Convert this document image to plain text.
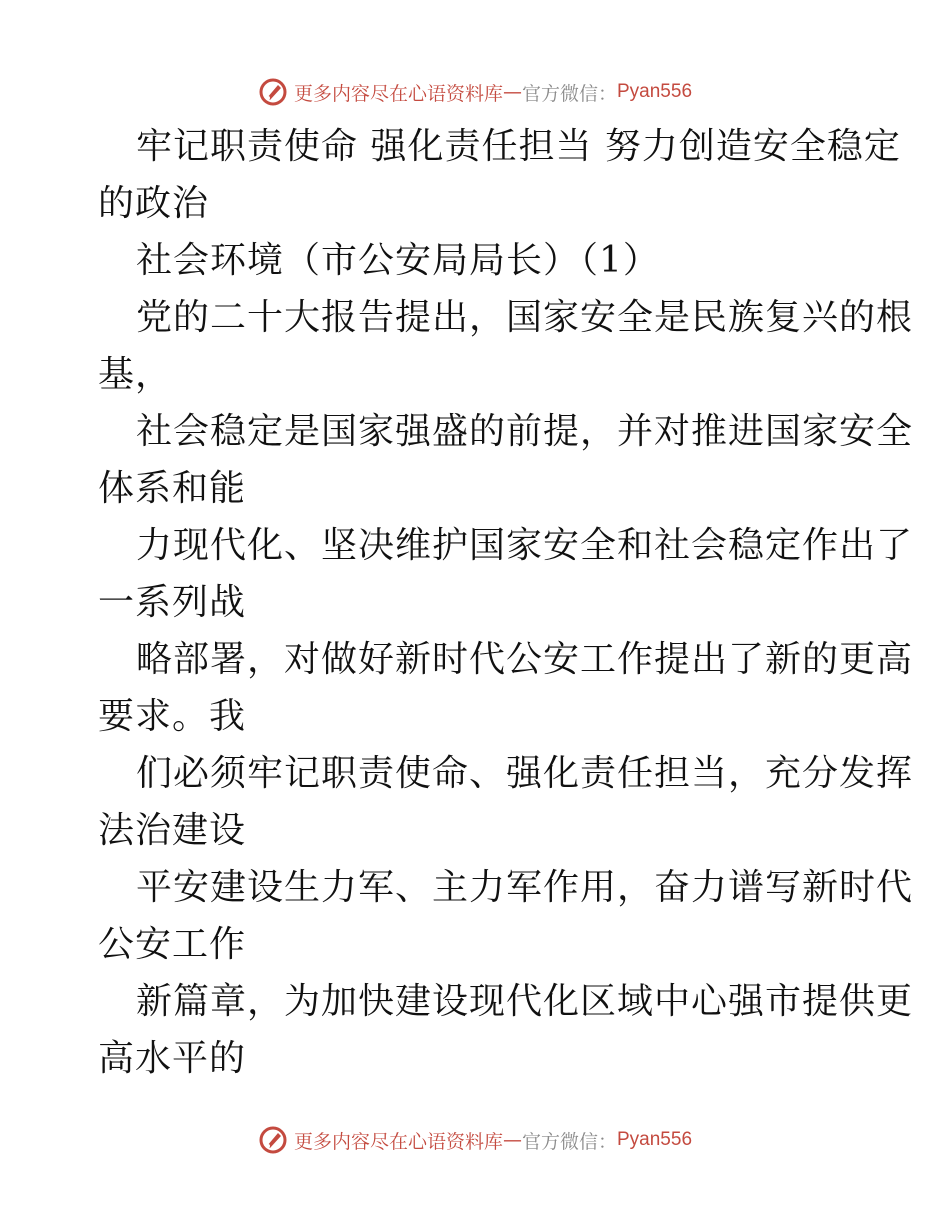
更多内容尽在心语资料库 — 官方微信： Pyan556
牢记职责使命 强化责任担当 努力创造安全稳定
的政治
社会环境（市公安局局长）（1）
党的二十大报告提出，国家安全是民族复兴的根
基，
社会稳定是国家强盛的前提，并对推进国家安全
体系和能
力现代化、坚决维护国家安全和社会稳定作出了
一系列战
略部署，对做好新时代公安工作提出了新的更高
要求。我
们必须牢记职责使命、强化责任担当，充分发挥
法治建设
平安建设生力军、主力军作用，奋力谱写新时代
公安工作
新篇章，为加快建设现代化区域中心强市提供更
高水平的
更多内容尽在心语资料库 — 官方微信： Pyan556
